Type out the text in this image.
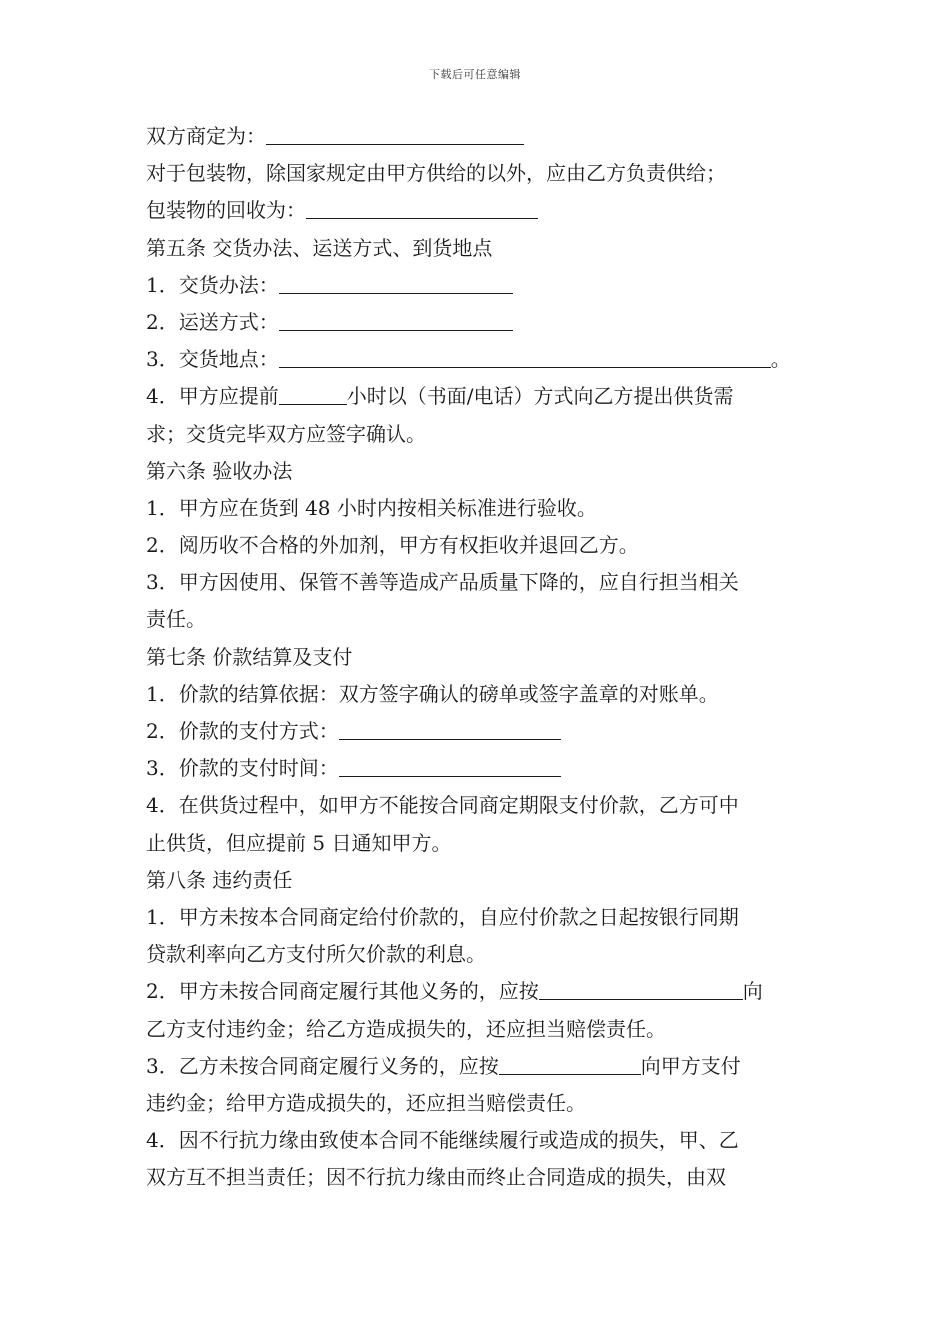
下载后可任意编辑
双方商定为：
对于包装物，除国家规定由甲方供给的以外，应由乙方负责供给；
包装物的回收为：
第五条 交货办法、运送方式、到货地点
1．交货办法：
2．运送方式：
3．交货地点：	。
4．甲方应提前	小时以（书面/电话）方式向乙方提出供货需
求；交货完毕双方应签字确认。
第六条 验收办法
1．甲方应在货到 48 小时内按相关标准进行验收。
2．阅历收不合格的外加剂，甲方有权拒收并退回乙方。
3．甲方因使用、保管不善等造成产品质量下降的，应自行担当相关
责任。
第七条 价款结算及支付
1．价款的结算依据：双方签字确认的磅单或签字盖章的对账单。
2．价款的支付方式：
3．价款的支付时间：
4．在供货过程中，如甲方不能按合同商定期限支付价款，乙方可中
止供货，但应提前 5 日通知甲方。
第八条 违约责任
1．甲方未按本合同商定给付价款的，自应付价款之日起按银行同期
贷款利率向乙方支付所欠价款的利息。
2．甲方未按合同商定履行其他义务的，应按	向
乙方支付违约金；给乙方造成损失的，还应担当赔偿责任。
3．乙方未按合同商定履行义务的，应按	向甲方支付
违约金；给甲方造成损失的，还应担当赔偿责任。
4．因不行抗力缘由致使本合同不能继续履行或造成的损失，甲、乙
双方互不担当责任；因不行抗力缘由而终止合同造成的损失，由双
